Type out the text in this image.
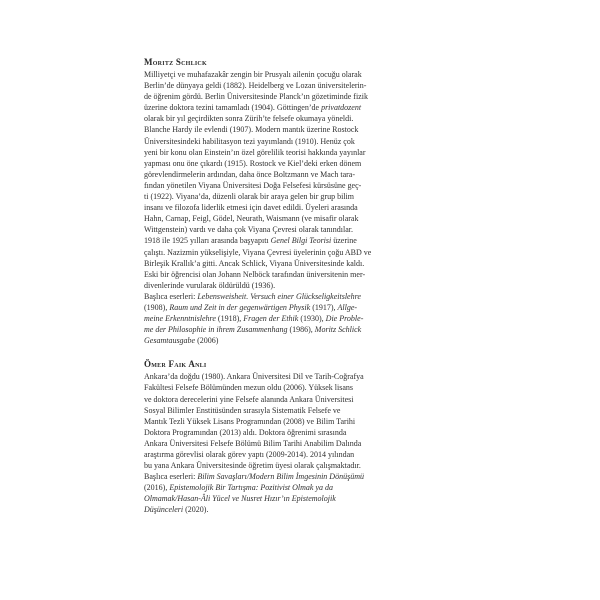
Moritz Schlick

Milliyetçi ve muhafazakâr zengin bir Prusyalı ailenin çocuğu olarak
Berlin’de dünyaya geldi (1882). Heidelberg ve Lozan üniversitelerin-
de öğrenim gördü. Berlin Üniversitesinde Planck’ın gözetiminde fizik
üzerine doktora tezini tamamladı (1904). Göttingen’de privatdozent
olarak bir yıl geçirdikten sonra Zürih’te felsefe okumaya yöneldi.
Blanche Hardy ile evlendi (1907). Modern mantık üzerine Rostock
Üniversitesindeki habilitasyon tezi yayımlandı (1910). Henüz çok
yeni bir konu olan Einstein’ın özel görelilik teorisi hakkında yayınlar
yapması onu öne çıkardı (1915). Rostock ve Kiel’deki erken dönem
görevlendirmelerin ardından, daha önce Boltzmann ve Mach tara-
fından yönetilen Viyana Üniversitesi Doğa Felsefesi kürsüsüne geç-
ti (1922). Viyana’da, düzenli olarak bir araya gelen bir grup bilim
insanı ve filozofa liderlik etmesi için davet edildi. Üyeleri arasında
Hahn, Carnap, Feigl, Gödel, Neurath, Waismann (ve misafir olarak
Wittgenstein) vardı ve daha çok Viyana Çevresi olarak tanındılar.
1918 ile 1925 yılları arasında başyapıtı Genel Bilgi Teorisi üzerine
çalıştı. Nazizmin yükselişiyle, Viyana Çevresi üyelerinin çoğu ABD ve
Birleşik Krallık’a gitti. Ancak Schlick, Viyana Üniversitesinde kaldı.
Eski bir öğrencisi olan Johann Nelböck tarafından üniversitenin mer-
divenlerinde vurularak öldürüldü (1936).
Başlıca eserleri: Lebensweisheit. Versuch einer Glückseligkeitslehre
(1908), Raum und Zeit in der gegenwärtigen Physik (1917), Allge-
meine Erkenntnislehre (1918), Fragen der Ethik (1930), Die Proble-
me der Philosophie in ihrem Zusammenhang (1986), Moritz Schlick
Gesamtausgabe (2006)

Ömer Faik Anlı

Ankara’da doğdu (1980). Ankara Üniversitesi Dil ve Tarih-Coğrafya
Fakültesi Felsefe Bölümünden mezun oldu (2006). Yüksek lisans
ve doktora derecelerini yine Felsefe alanında Ankara Üniversitesi
Sosyal Bilimler Enstitüsünden sırasıyla Sistematik Felsefe ve
Mantık Tezli Yüksek Lisans Programından (2008) ve Bilim Tarihi
Doktora Programından (2013) aldı. Doktora öğrenimi sırasında
Ankara Üniversitesi Felsefe Bölümü Bilim Tarihi Anabilim Dalında
araştırma görevlisi olarak görev yaptı (2009-2014). 2014 yılından
bu yana Ankara Üniversitesinde öğretim üyesi olarak çalışmaktadır.
Başlıca eserleri: Bilim Savaşları/Modern Bilim İmgesinin Dönüşümü
(2016), Epistemolojik Bir Tartışma: Pozitivist Olmak ya da
Olmamak/Hasan-Âli Yücel ve Nusret Hızır’ın Epistemolojik
Düşünceleri (2020).
